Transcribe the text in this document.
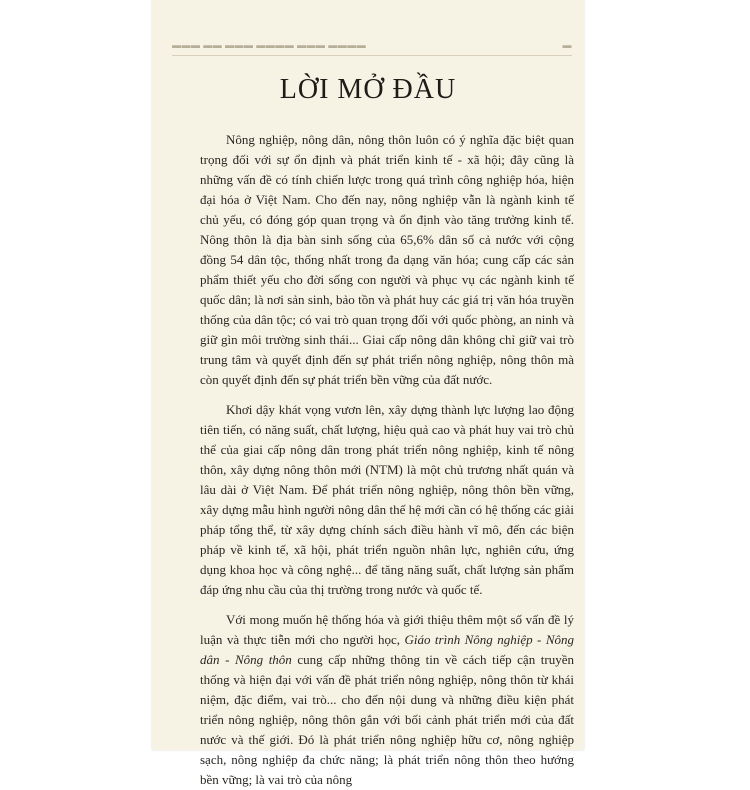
▬▬▬ ▬▬ ▬▬▬ ▬▬▬▬ ▬▬▬ ▬▬▬▬	▬
LỜI MỞ ĐẦU

Nông nghiệp, nông dân, nông thôn luôn có ý nghĩa đặc biệt quan trọng đối với sự ổn định và phát triển kinh tế - xã hội; đây cũng là những vấn đề có tính chiến lược trong quá trình công nghiệp hóa, hiện đại hóa ở Việt Nam. Cho đến nay, nông nghiệp vẫn là ngành kinh tế chủ yếu, có đóng góp quan trọng và ổn định vào tăng trưởng kinh tế. Nông thôn là địa bàn sinh sống của 65,6% dân số cả nước với cộng đồng 54 dân tộc, thống nhất trong đa dạng văn hóa; cung cấp các sản phẩm thiết yếu cho đời sống con người và phục vụ các ngành kinh tế quốc dân; là nơi sản sinh, bảo tồn và phát huy các giá trị văn hóa truyền thống của dân tộc; có vai trò quan trọng đối với quốc phòng, an ninh và giữ gìn môi trường sinh thái... Giai cấp nông dân không chỉ giữ vai trò trung tâm và quyết định đến sự phát triển nông nghiệp, nông thôn mà còn quyết định đến sự phát triển bền vững của đất nước.

Khơi dậy khát vọng vươn lên, xây dựng thành lực lượng lao động tiên tiến, có năng suất, chất lượng, hiệu quả cao và phát huy vai trò chủ thể của giai cấp nông dân trong phát triển nông nghiệp, kinh tế nông thôn, xây dựng nông thôn mới (NTM) là một chủ trương nhất quán và lâu dài ở Việt Nam. Để phát triển nông nghiệp, nông thôn bền vững, xây dựng mẫu hình người nông dân thế hệ mới cần có hệ thống các giải pháp tổng thể, từ xây dựng chính sách điều hành vĩ mô, đến các biện pháp về kinh tế, xã hội, phát triển nguồn nhân lực, nghiên cứu, ứng dụng khoa học và công nghệ... để tăng năng suất, chất lượng sản phẩm đáp ứng nhu cầu của thị trường trong nước và quốc tế.

Với mong muốn hệ thống hóa và giới thiệu thêm một số vấn đề lý luận và thực tiễn mới cho người học, Giáo trình Nông nghiệp - Nông dân - Nông thôn cung cấp những thông tin về cách tiếp cận truyền thống và hiện đại với vấn đề phát triển nông nghiệp, nông thôn từ khái niệm, đặc điểm, vai trò... cho đến nội dung và những điều kiện phát triển nông nghiệp, nông thôn gắn với bối cảnh phát triển mới của đất nước và thế giới. Đó là phát triển nông nghiệp hữu cơ, nông nghiệp sạch, nông nghiệp đa chức năng; là phát triển nông thôn theo hướng bền vững; là vai trò của nông
